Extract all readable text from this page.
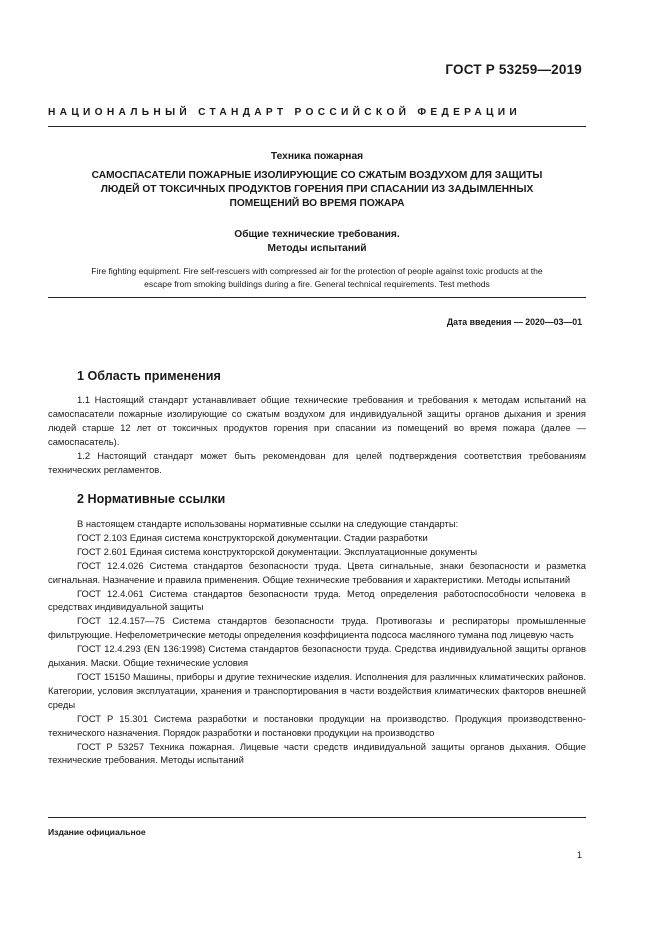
ГОСТ Р 53259—2019
НАЦИОНАЛЬНЫЙ СТАНДАРТ РОССИЙСКОЙ ФЕДЕРАЦИИ
Техника пожарная
САМОСПАСАТЕЛИ ПОЖАРНЫЕ ИЗОЛИРУЮЩИЕ СО СЖАТЫМ ВОЗДУХОМ ДЛЯ ЗАЩИТЫ
ЛЮДЕЙ ОТ ТОКСИЧНЫХ ПРОДУКТОВ ГОРЕНИЯ ПРИ СПАСАНИИ ИЗ ЗАДЫМЛЕННЫХ
ПОМЕЩЕНИЙ ВО ВРЕМЯ ПОЖАРА
Общие технические требования.
Методы испытаний
Fire fighting equipment. Fire self-rescuers with compressed air for the protection of people against toxic products at the
escape from smoking buildings during a fire. General technical requirements. Test methods
Дата введения — 2020—03—01
1 Область применения

1.1 Настоящий стандарт устанавливает общие технические требования и требования к методам испытаний на самоспасатели пожарные изолирующие со сжатым воздухом для индивидуальной защиты органов дыхания и зрения людей старше 12 лет от токсичных продуктов горения при спасании из помещений во время пожара (далее — самоспасатель).

1.2 Настоящий стандарт может быть рекомендован для целей подтверждения соответствия требованиям технических регламентов.

2 Нормативные ссылки

В настоящем стандарте использованы нормативные ссылки на следующие стандарты:

ГОСТ 2.103 Единая система конструкторской документации. Стадии разработки

ГОСТ 2.601 Единая система конструкторской документации. Эксплуатационные документы

ГОСТ 12.4.026 Система стандартов безопасности труда. Цвета сигнальные, знаки безопасности и разметка сигнальная. Назначение и правила применения. Общие технические требования и характеристики. Методы испытаний

ГОСТ 12.4.061 Система стандартов безопасности труда. Метод определения работоспособности человека в средствах индивидуальной защиты

ГОСТ 12.4.157—75 Система стандартов безопасности труда. Противогазы и респираторы промышленные фильтрующие. Нефелометрические методы определения коэффициента подсоса масляного тумана под лицевую часть

ГОСТ 12.4.293 (EN 136:1998) Система стандартов безопасности труда. Средства индивидуальной защиты органов дыхания. Маски. Общие технические условия

ГОСТ 15150 Машины, приборы и другие технические изделия. Исполнения для различных климатических районов. Категории, условия эксплуатации, хранения и транспортирования в части воздействия климатических факторов внешней среды

ГОСТ Р 15.301 Система разработки и постановки продукции на производство. Продукция производственно-технического назначения. Порядок разработки и постановки продукции на производство

ГОСТ Р 53257 Техника пожарная. Лицевые части средств индивидуальной защиты органов дыхания. Общие технические требования. Методы испытаний

Издание официальное
1
